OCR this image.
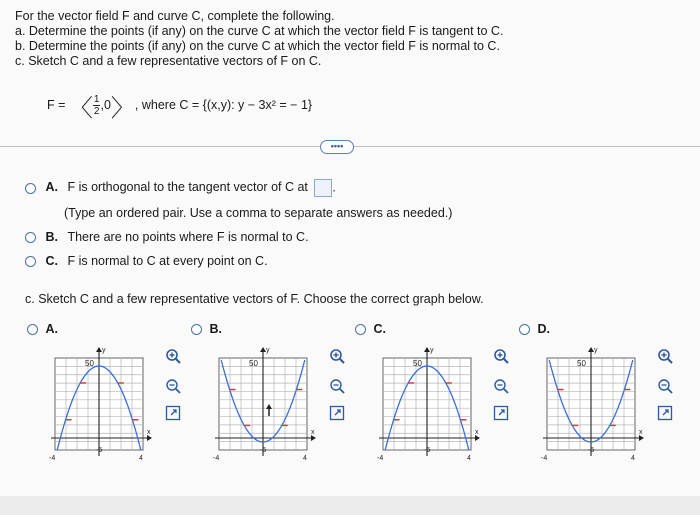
For the vector field F and curve C, complete the following.
a. Determine the points (if any) on the curve C at which the vector field F is tangent to C.
b. Determine the points (if any) on the curve C at which the vector field F is normal to C.
c. Sketch C and a few representative vectors of F on C.
F = 〈 $\frac{1}{2} ,0$〉, where C = {(x,y): y − 3x² = − 1}
••••
A. F is orthogonal to the tangent vector of C at .
(Type an ordered pair. Use a comma to separate answers as needed.)
B. There are no points where F is normal to C.
C. F is normal to C at every point on C.
c. Sketch C and a few representative vectors of F. Choose the correct graph below.
A.	B.	C.	D.
y
50
x
-4	4
-5
y
50
x
-4	4
-5
y
50
x
-4	4
-5
y
50
x
-4	4
-5
